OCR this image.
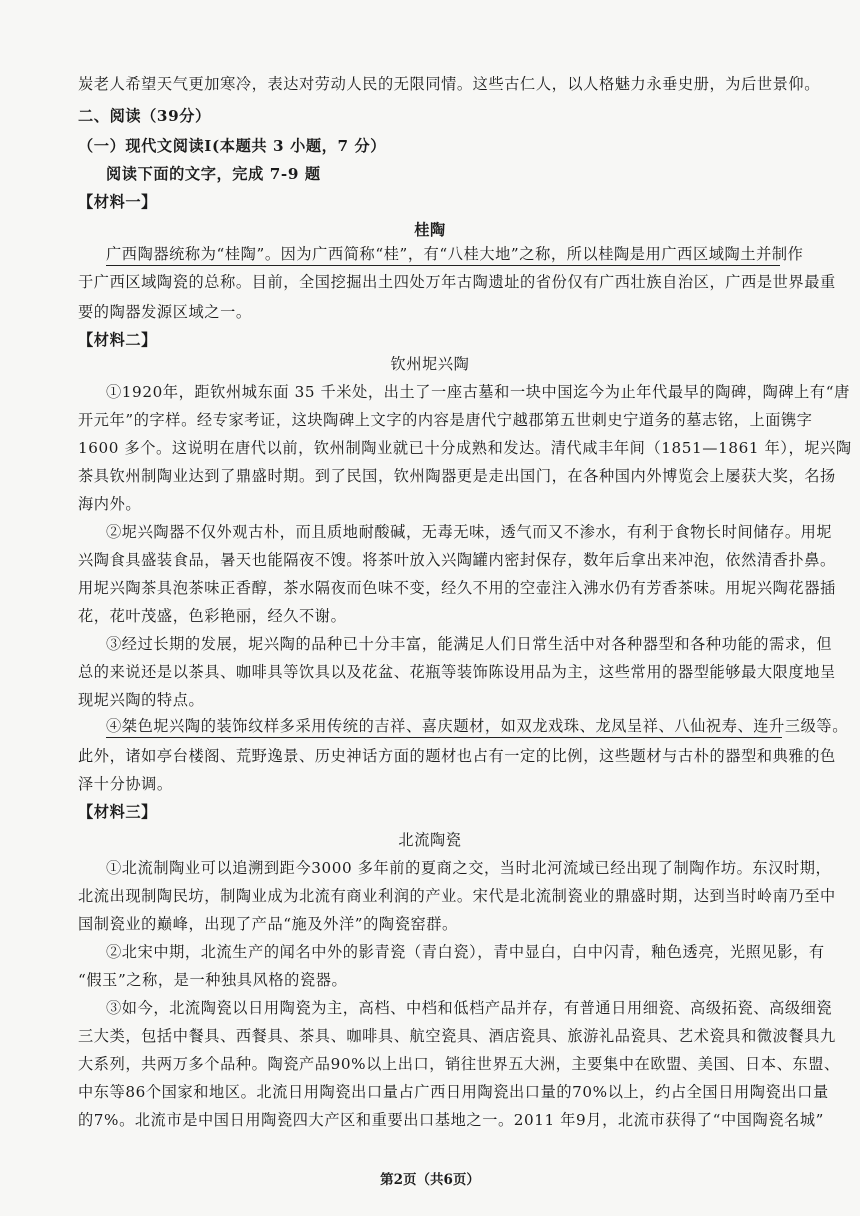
炭老人希望天气更加寒冷，表达对劳动人民的无限同情。这些古仁人，以人格魅力永垂史册，为后世景仰。
二、阅读（39分）
（一）现代文阅读Ⅰ(本题共 3 小题，7 分）
阅读下面的文字，完成 7-9 题
【材料一】
桂陶
广西陶器统称为“桂陶”。因为广西简称“桂”，有“八桂大地”之称，所以桂陶是用广西区域陶土并制作
于广西区域陶瓷的总称。目前，全国挖掘出土四处万年古陶遗址的省份仅有广西壮族自治区，广西是世界最重
要的陶器发源区域之一。
【材料二】
钦州坭兴陶
①1920年，距钦州城东面 35 千米处，出土了一座古墓和一块中国迄今为止年代最早的陶碑，陶碑上有“唐
开元年”的字样。经专家考证，这块陶碑上文字的内容是唐代宁越郡第五世刺史宁道务的墓志铭，上面镌字
1600 多个。这说明在唐代以前，钦州制陶业就已十分成熟和发达。清代咸丰年间（1851—1861 年），坭兴陶
茶具钦州制陶业达到了鼎盛时期。到了民国，钦州陶器更是走出国门，在各种国内外博览会上屡获大奖，名扬
海内外。
②坭兴陶器不仅外观古朴，而且质地耐酸碱，无毒无味，透气而又不渗水，有利于食物长时间储存。用坭
兴陶食具盛装食品，暑天也能隔夜不馊。将茶叶放入兴陶罐内密封保存，数年后拿出来冲泡，依然清香扑鼻。
用坭兴陶茶具泡茶味正香醇，茶水隔夜而色味不变，经久不用的空壶注入沸水仍有芳香茶味。用坭兴陶花器插
花，花叶茂盛，色彩艳丽，经久不谢。
③经过长期的发展，坭兴陶的品种已十分丰富，能满足人们日常生活中对各种器型和各种功能的需求，但
总的来说还是以茶具、咖啡具等饮具以及花盆、花瓶等装饰陈设用品为主，这些常用的器型能够最大限度地呈
现坭兴陶的特点。
④桀色坭兴陶的装饰纹样多采用传统的吉祥、喜庆题材，如双龙戏珠、龙凤呈祥、八仙祝寿、连升三级等。
此外，诸如亭台楼阁、荒野逸景、历史神话方面的题材也占有一定的比例，这些题材与古朴的器型和典雅的色
泽十分协调。
【材料三】
北流陶瓷
①北流制陶业可以追溯到距今3000 多年前的夏商之交，当时北河流域已经出现了制陶作坊。东汉时期，
北流出现制陶民坊，制陶业成为北流有商业利润的产业。宋代是北流制瓷业的鼎盛时期，达到当时岭南乃至中
国制瓷业的巅峰，出现了产品“施及外洋”的陶瓷窑群。
②北宋中期，北流生产的闻名中外的影青瓷（青白瓷），青中显白，白中闪青，釉色透亮，光照见影，有
“假玉”之称，是一种独具风格的瓷器。
③如今，北流陶瓷以日用陶瓷为主，高档、中档和低档产品并存，有普通日用细瓷、高级拓瓷、高级细瓷
三大类，包括中餐具、西餐具、茶具、咖啡具、航空瓷具、酒店瓷具、旅游礼品瓷具、艺术瓷具和微波餐具九
大系列，共两万多个品种。陶瓷产品90%以上出口，销往世界五大洲，主要集中在欧盟、美国、日本、东盟、
中东等86个国家和地区。北流日用陶瓷出口量占广西日用陶瓷出口量的70%以上，约占全国日用陶瓷出口量
的7%。北流市是中国日用陶瓷四大产区和重要出口基地之一。2011 年9月，北流市获得了“中国陶瓷名城”
第2页（共6页）
